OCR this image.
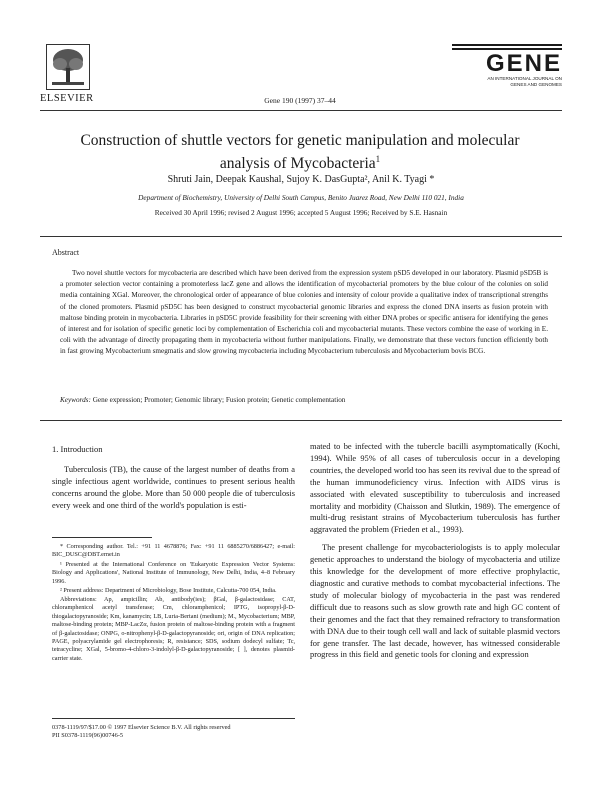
ELSEVIER	Gene 190 (1997) 37–44
GENE
AN INTERNATIONAL JOURNAL ON
GENES AND GENOMES
Construction of shuttle vectors for genetic manipulation and molecular analysis of Mycobacteria$^1$
Shruti Jain, Deepak Kaushal, Sujoy K. DasGupta², Anil K. Tyagi *
Department of Biochemistry, University of Delhi South Campus, Benito Juarez Road, New Delhi 110 021, India
Received 30 April 1996; revised 2 August 1996; accepted 5 August 1996; Received by S.E. Hasnain
Abstract
Two novel shuttle vectors for mycobacteria are described which have been derived from the expression system pSD5 developed in our laboratory. Plasmid pSD5B is a promoter selection vector containing a promoterless lacZ gene and allows the identification of mycobacterial promoters by the blue colour of the colonies on solid media containing XGal. Moreover, the chronological order of appearance of blue colonies and intensity of colour provide a qualitative index of transcriptional strengths of the cloned promoters. Plasmid pSD5C has been designed to construct mycobacterial genomic libraries and express the cloned DNA inserts as fusion protein with maltose binding protein in mycobacteria. Libraries in pSD5C provide feasibility for their screening with either DNA probes or specific antisera for identifying the genes of interest and for isolation of specific genetic loci by complementation of Escherichia coli and mycobacterial mutants. These vectors combine the ease of working in E. coli with the advantage of directly propagating them in mycobacteria without further manipulations. Finally, we demonstrate that these vectors function efficiently both in fast growing Mycobacterium smegmatis and slow growing mycobacteria including Mycobacterium tuberculosis and Mycobacterium bovis BCG.
Keywords: Gene expression; Promoter; Genomic library; Fusion protein; Genetic complementation
1. Introduction
Tuberculosis (TB), the cause of the largest number of deaths from a single infectious agent worldwide, continues to present serious health concerns around the globe. More than 50 000 people die of tuberculosis every week and one third of the world's population is esti-

mated to be infected with the tubercle bacilli asymptomatically (Kochi, 1994). While 95% of all cases of tuberculosis occur in a developing countries, the developed world too has seen its revival due to the spread of the human immunodeficiency virus. Infection with AIDS virus is associated with elevated susceptibility to tuberculosis and increased mortality and morbidity (Chaisson and Slutkin, 1989). The emergence of multi-drug resistant strains of Mycobacterium tuberculosis has further aggravated the problem (Frieden et al., 1993).

The present challenge for mycobacteriologists is to apply molecular genetic approaches to understand the biology of mycobacteria and utilize this knowledge for the development of more effective prophylactic, diagnostic and curative methods to combat mycobacterial infections. The study of molecular biology of mycobacteria in the past was rendered difficult due to reasons such as slow growth rate and high GC content of their genomes and the fact that they remained refractory to transformation with DNA due to their tough cell wall and lack of suitable plasmid vectors for gene transfer. The last decade, however, has witnessed considerable progress in this field and genetic tools for cloning and expression

* Corresponding author. Tel.: +91 11 4678876; Fax: +91 11 6885270/6886427; e-mail: BIC_DUSC@DBT.ernet.in

¹ Presented at the International Conference on 'Eukaryotic Expression Vector Systems: Biology and Applications', National Institute of Immunology, New Delhi, India, 4–8 February 1996.

² Present address: Department of Microbiology, Bose Institute, Calcutta-700 054, India.

Abbreviations: Ap, ampicillin; Ab, antibody(ies); βGal, β-galactosidase; CAT, chloramphenicol acetyl transferase; Cm, chloramphenicol; IPTG, isopropyl-β-D-thiogalactopyranoside; Km, kanamycin; LB, Luria-Bertani (medium); M., Mycobacterium; MBP, maltose-binding protein; MBP-LacZα, fusion protein of maltose-binding protein with a fragment of β-galactosidase; ONPG, o-nitrophenyl-β-D-galactopyranoside; ori, origin of DNA replication; PAGE, polyacrylamide gel electrophoresis; R, resistance; SDS, sodium dodecyl sulfate; Tc, tetracycline; XGal, 5-bromo-4-chloro-3-indolyl-β-D-galactopyranoside; [ ], denotes plasmid-carrier state.

0378-1119/97/$17.00 © 1997 Elsevier Science B.V. All rights reserved
PII S0378-1119(96)00746-5
